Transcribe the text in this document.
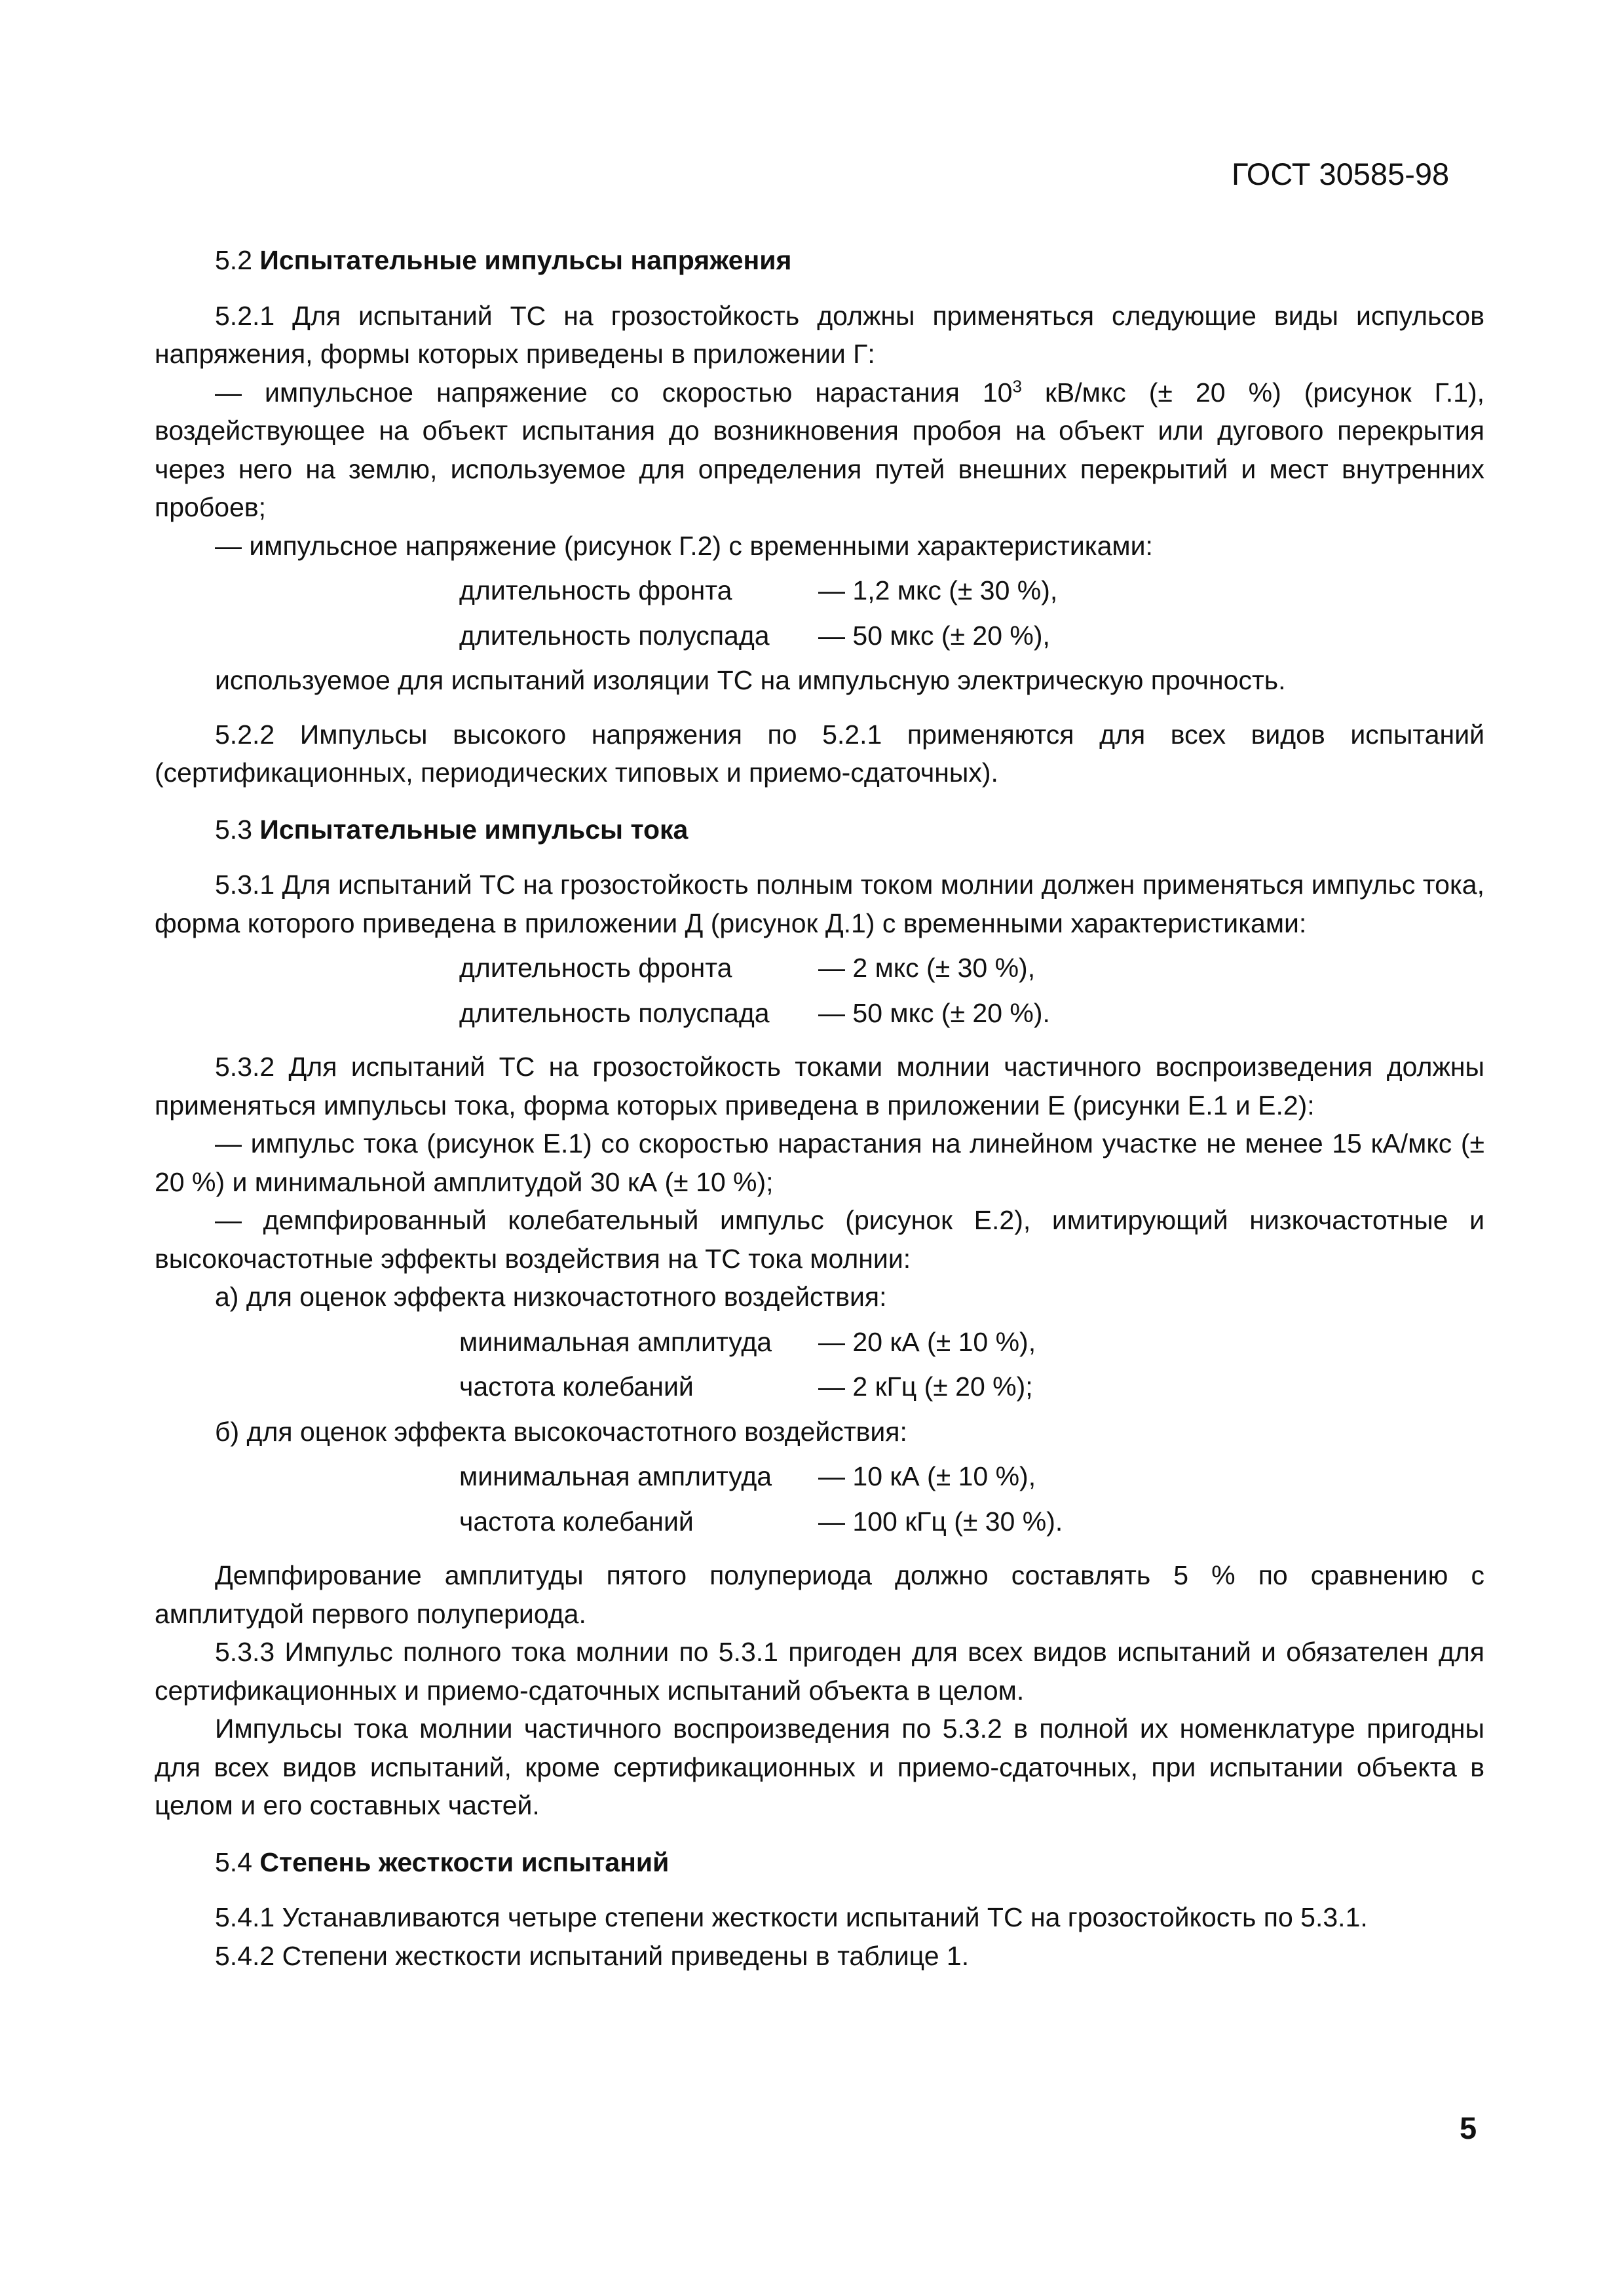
ГОСТ 30585-98

5.2 Испытательные импульсы напряжения

5.2.1 Для испытаний ТС на грозостойкость должны применяться следующие виды испульсов напряжения, формы которых приведены в приложении Г:

— импульсное напряжение со скоростью нарастания $10^3$ кВ/мкс (± 20 %) (рисунок Г.1), воздействующее на объект испытания до возникновения пробоя на объект или дугового перекрытия через него на землю, используемое для определения путей внешних перекрытий и мест внутренних пробоев;

— импульсное напряжение (рисунок Г.2) с временными характеристиками:

длительность фронта	— 1,2 мкс (± 30 %),
длительность полуспада	— 50 мкс (± 20 %),

используемое для испытаний изоляции ТС на импульсную электрическую прочность.

5.2.2 Импульсы высокого напряжения по 5.2.1 применяются для всех видов испытаний (сертификационных, периодических типовых и приемо-сдаточных).

5.3 Испытательные импульсы тока

5.3.1 Для испытаний ТС на грозостойкость полным током молнии должен применяться импульс тока, форма которого приведена в приложении Д (рисунок Д.1) с временными характеристиками:

длительность фронта	— 2 мкс (± 30 %),
длительность полуспада	— 50 мкс (± 20 %).

5.3.2 Для испытаний ТС на грозостойкость токами молнии частичного воспроизведения должны применяться импульсы тока, форма которых приведена в приложении Е (рисунки Е.1 и Е.2):

— импульс тока (рисунок Е.1) со скоростью нарастания на линейном участке не менее 15 кА/мкс (± 20 %) и минимальной амплитудой 30 кА (± 10 %);

— демпфированный колебательный импульс (рисунок Е.2), имитирующий низкочастотные и высокочастотные эффекты воздействия на ТС тока молнии:

а) для оценок эффекта низкочастотного воздействия:

минимальная амплитуда	— 20 кА (± 10 %),
частота колебаний	— 2 кГц (± 20 %);

б) для оценок эффекта высокочастотного воздействия:

минимальная амплитуда	— 10 кА (± 10 %),
частота колебаний	— 100 кГц (± 30 %).

Демпфирование амплитуды пятого полупериода должно составлять 5 % по сравнению с амплитудой первого полупериода.

5.3.3 Импульс полного тока молнии по 5.3.1 пригоден для всех видов испытаний и обязателен для сертификационных и приемо-сдаточных испытаний объекта в целом.

Импульсы тока молнии частичного воспроизведения по 5.3.2 в полной их номенклатуре пригодны для всех видов испытаний, кроме сертификационных и приемо-сдаточных, при испытании объекта в целом и его составных частей.

5.4 Степень жесткости испытаний

5.4.1 Устанавливаются четыре степени жесткости испытаний ТС на грозостойкость по 5.3.1.

5.4.2 Степени жесткости испытаний приведены в таблице 1.

5
